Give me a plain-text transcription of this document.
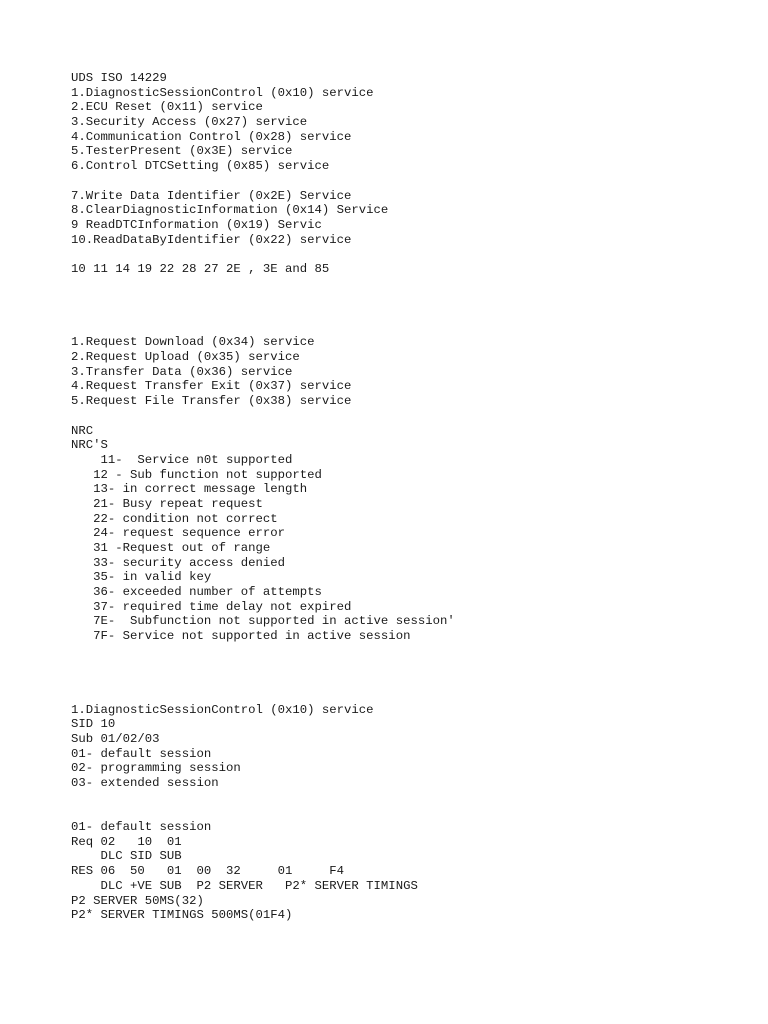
UDS ISO 14229
1.DiagnosticSessionControl (0x10) service
2.ECU Reset (0x11) service
3.Security Access (0x27) service
4.Communication Control (0x28) service
5.TesterPresent (0x3E) service
6.Control DTCSetting (0x85) service
7.Write Data Identifier (0x2E) Service
8.ClearDiagnosticInformation (0x14) Service
9 ReadDTCInformation (0x19) Servic
10.ReadDataByIdentifier (0x22) service
10 11 14 19 22 28 27 2E , 3E and 85
1.Request Download (0x34) service
2.Request Upload (0x35) service
3.Transfer Data (0x36) service
4.Request Transfer Exit (0x37) service
5.Request File Transfer (0x38) service
NRC
NRC'S
11-  Service n0t supported
12 - Sub function not supported
13- in correct message length
21- Busy repeat request
22- condition not correct
24- request sequence error
31 -Request out of range
33- security access denied
35- in valid key
36- exceeded number of attempts
37- required time delay not expired
7E-  Subfunction not supported in active session'
7F- Service not supported in active session
1.DiagnosticSessionControl (0x10) service
SID 10
Sub 01/02/03
01- default session
02- programming session
03- extended session
01- default session
Req 02   10  01
DLC SID SUB
RES 06  50   01  00  32     01     F4
DLC +VE SUB  P2 SERVER   P2* SERVER TIMINGS
P2 SERVER 50MS(32)
P2* SERVER TIMINGS 500MS(01F4)
